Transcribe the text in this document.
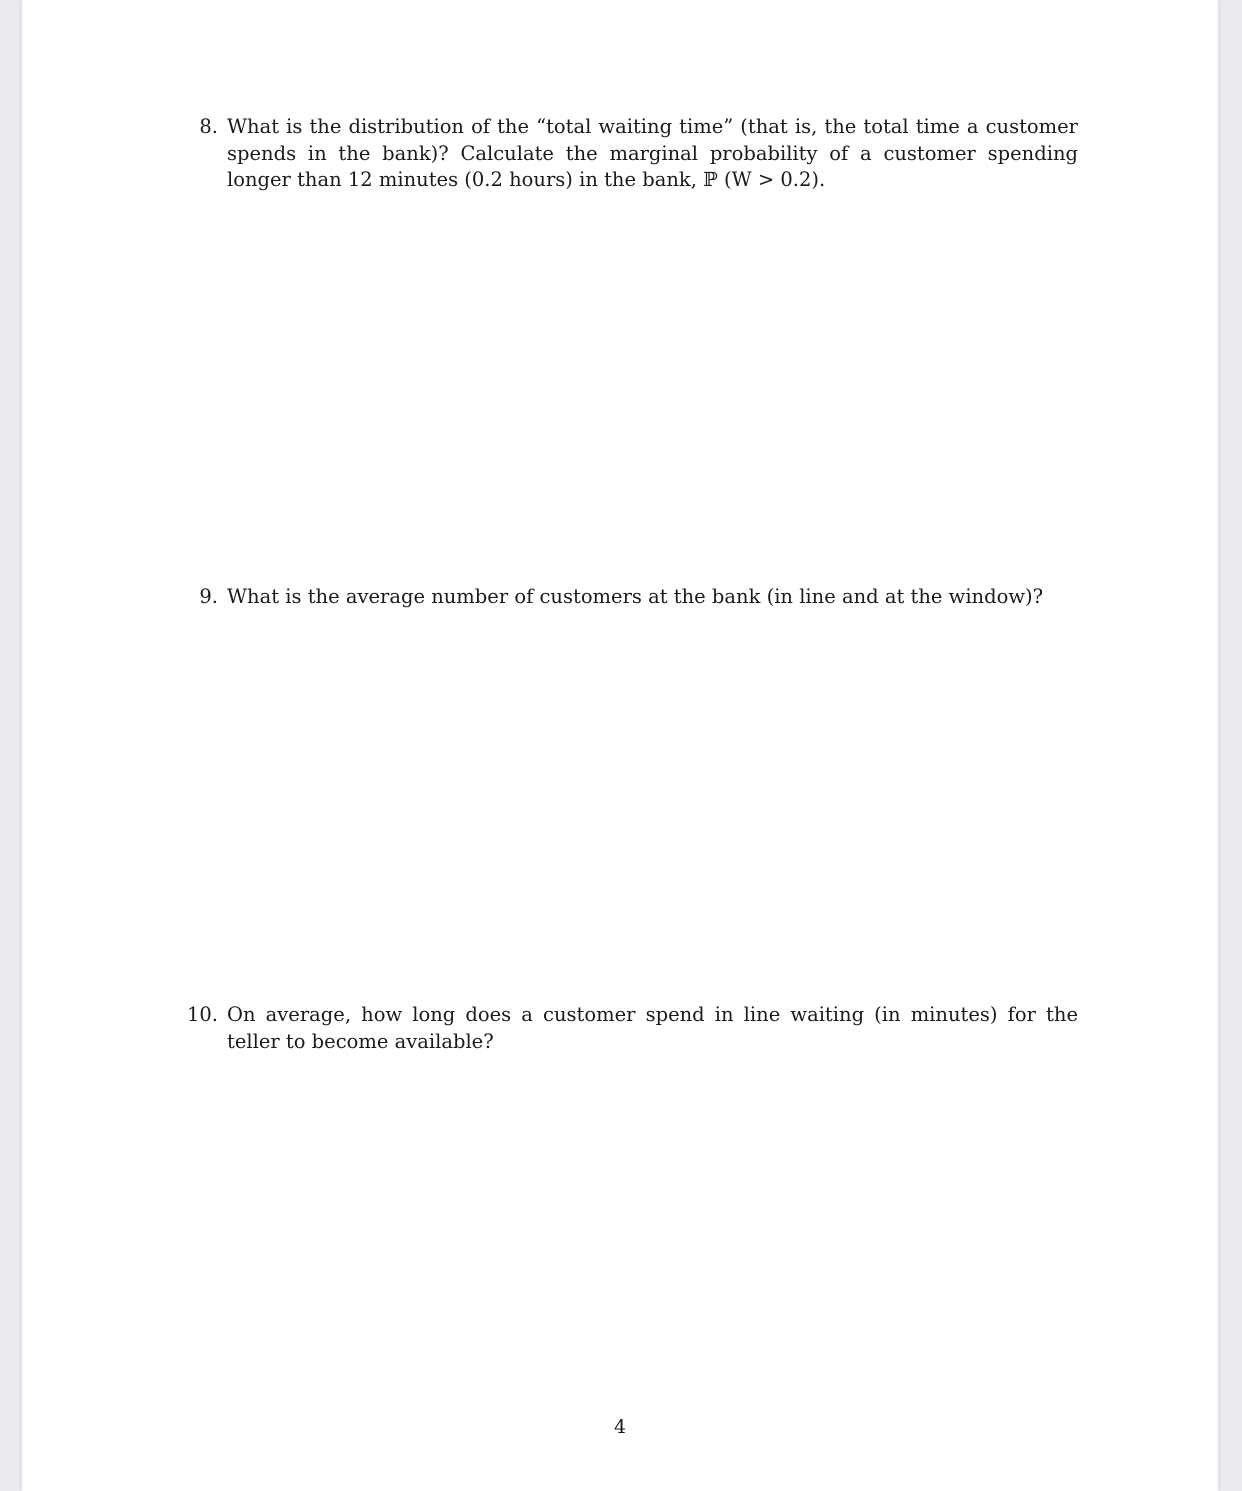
8. What is the distribution of the “total waiting time” (that is, the total time a customer spends in the bank)? Calculate the marginal probability of a customer spending longer than 12 minutes (0.2 hours) in the bank, ℙ (W > 0.2).
9. What is the average number of customers at the bank (in line and at the window)?
10. On average, how long does a customer spend in line waiting (in minutes) for the teller to become available?
4
